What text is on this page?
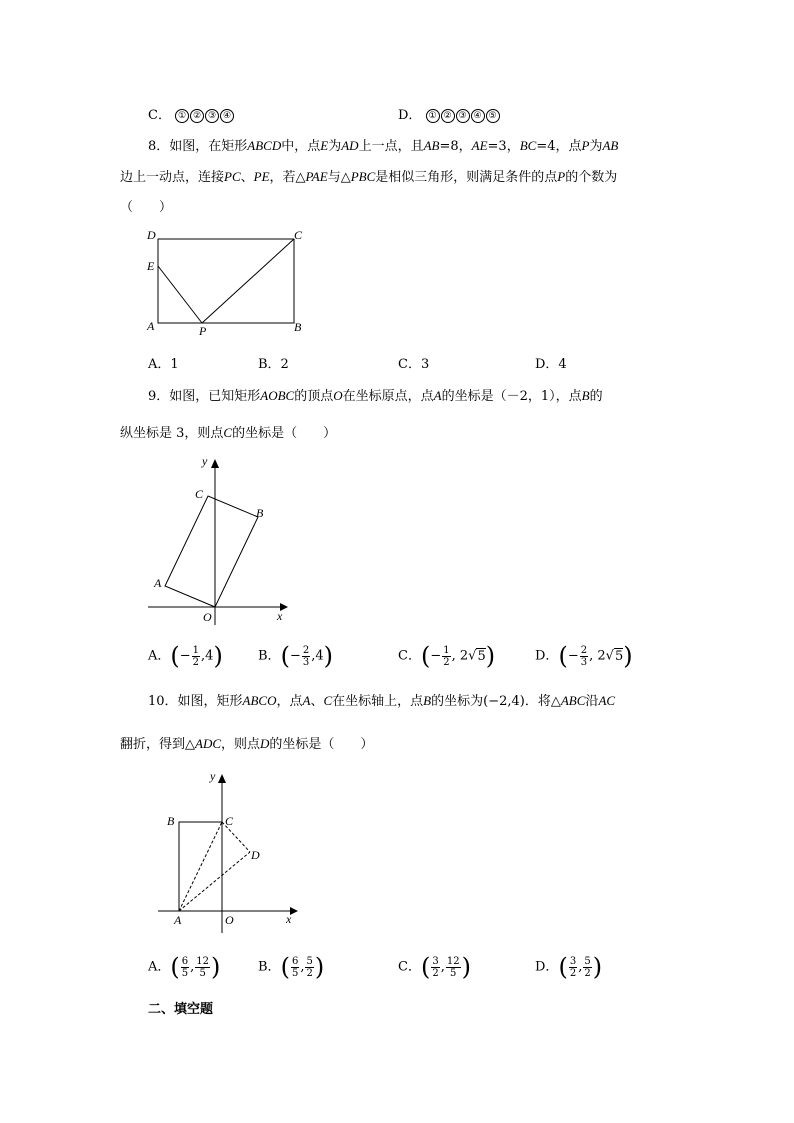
C． ① ② ③ ④	D． ① ② ③ ④ ⑤
8．如图，在矩形ABCD中，点E为AD上一点，且AB=8，AE=3，BC=4，点P为AB
边上一动点，连接PC、PE，若△PAE与△PBC是相似三角形，则满足条件的点P的个数为
（　　）
D	C
E
A	P	B
A．1	B．2	C．3	D．4
9．如图，已知矩形AOBC的顶点O在坐标原点，点A的坐标是（－2，1），点B的
纵坐标是 3，则点C的坐标是（　　）
y
x
C
B
A
O
A．(− $\frac{1}{2} ,4$)	B．(− $\frac{2}{3} ,4$)	C．(− $\frac{1}{2}$ , 2√5)	D．(− $\frac{2}{3}$ , 2√5)
10．如图，矩形ABCO，点A、C在坐标轴上，点B的坐标为(−2,4)．将△ABC沿AC
翻折，得到△ADC，则点D的坐标是（　　）
y
x
B	C
D
A	O
A．( $\frac{6}{5}$ , $\frac{12}{5}$ )	B．( $\frac{6}{5}$ , $\frac{5}{2}$ )	C．( $\frac{3}{2}$ , $\frac{12}{5}$ )	D．( $\frac{3}{2}$ , $\frac{5}{2}$ )
二、填空题
